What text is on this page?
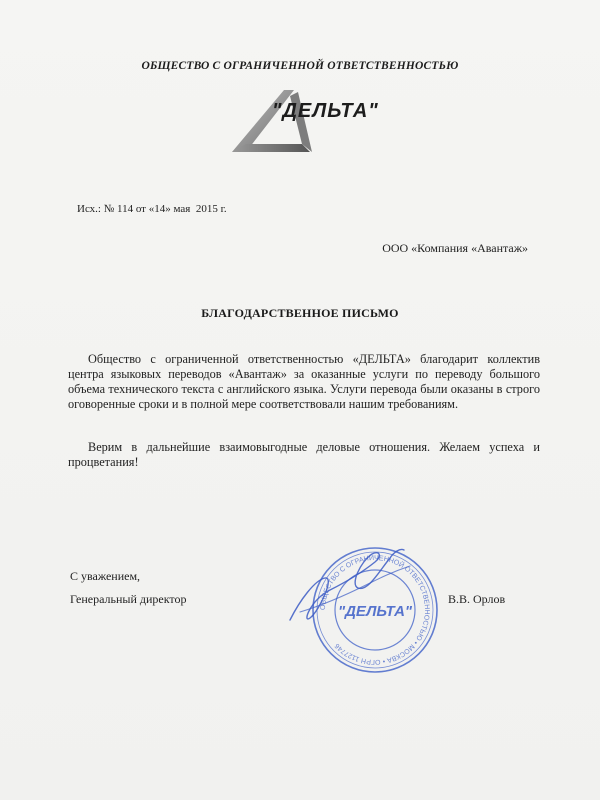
ОБЩЕСТВО С ОГРАНИЧЕННОЙ ОТВЕТСТВЕННОСТЬЮ
"ДЕЛЬТА"
Исх.: № 114 от «14» мая  2015 г.
ООО «Компания «Авантаж»
БЛАГОДАРСТВЕННОЕ ПИСЬМО
Общество с ограниченной ответственностью «ДЕЛЬТА» благодарит коллектив центра языковых переводов «Авантаж» за оказанные услуги по переводу большого объема технического текста с английского языка. Услуги перевода были оказаны в строго оговоренные сроки и в полной мере соответствовали нашим требованиям.
Верим в дальнейшие взаимовыгодные деловые отношения. Желаем успеха и процветания!
С уважением,
Генеральный директор	В.В. Орлов
ОБЩЕСТВО С ОГРАНИЧЕННОЙ ОТВЕТСТВЕННОСТЬЮ • МОСКВА • ОГРН 1127746
"ДЕЛЬТА"
